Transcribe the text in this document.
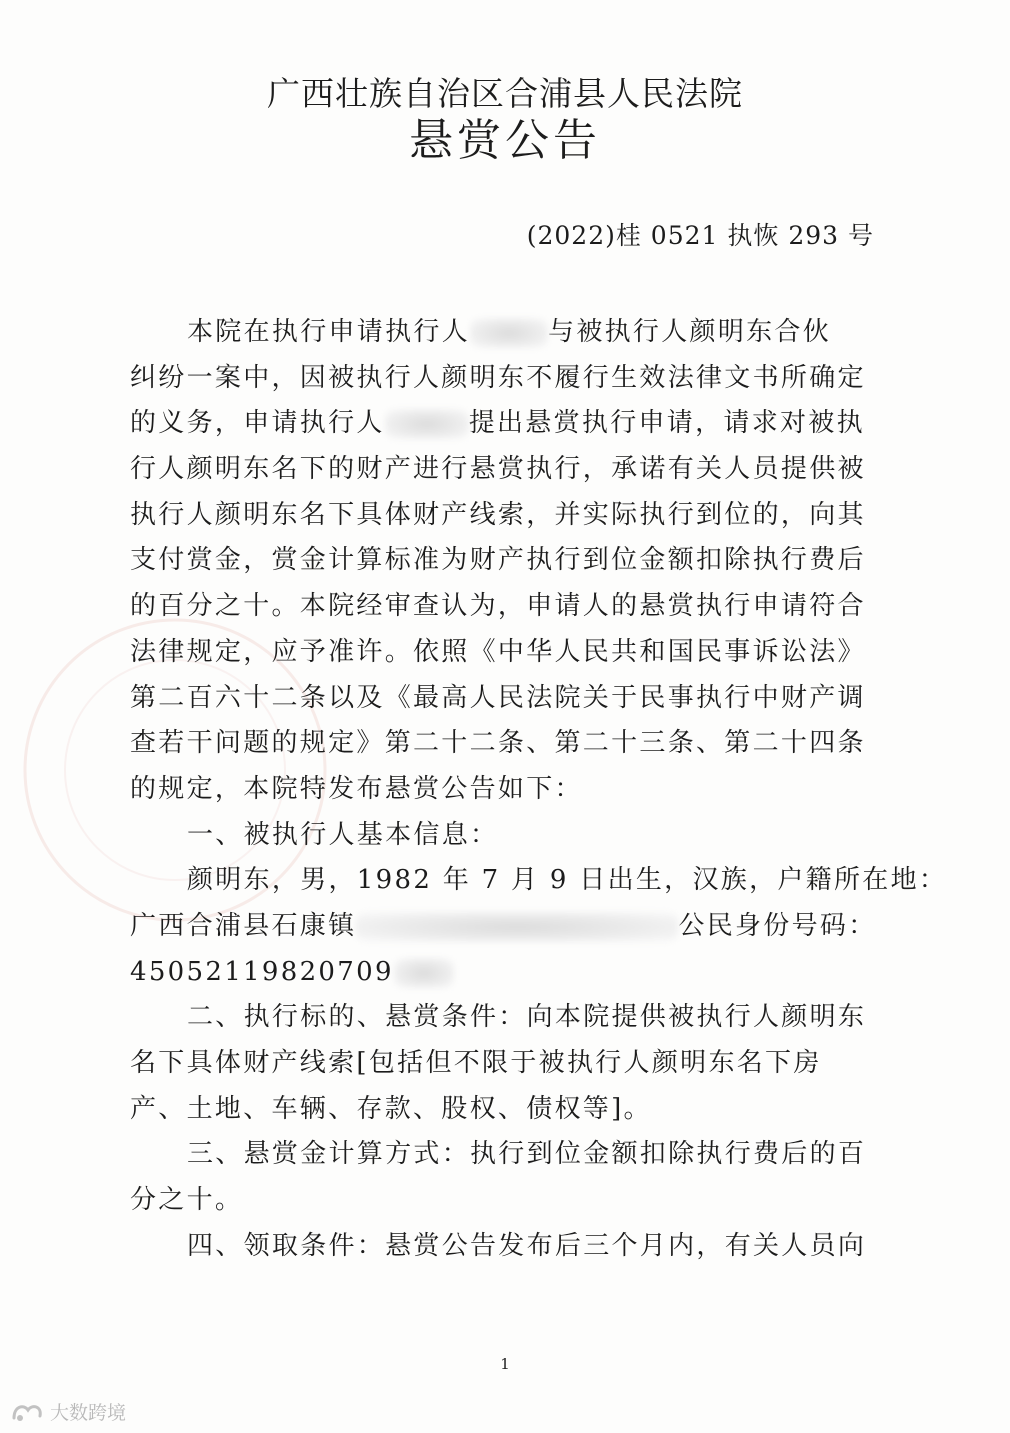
广西壮族自治区合浦县人民法院
悬赏公告
(2022)桂 0521 执恢 293 号
本院在执行申请执行人	与被执行人颜明东合伙
纠纷一案中，因被执行人颜明东不履行生效法律文书所确定
的义务，申请执行人	提出悬赏执行申请，请求对被执
行人颜明东名下的财产进行悬赏执行，承诺有关人员提供被
执行人颜明东名下具体财产线索，并实际执行到位的，向其
支付赏金，赏金计算标准为财产执行到位金额扣除执行费后
的百分之十。本院经审查认为，申请人的悬赏执行申请符合
法律规定，应予准许。依照《中华人民共和国民事诉讼法》
第二百六十二条以及《最高人民法院关于民事执行中财产调
查若干问题的规定》第二十二条、第二十三条、第二十四条
的规定，本院特发布悬赏公告如下：
一、被执行人基本信息：
颜明东，男，1982 年 7 月 9 日出生，汉族，户籍所在地：
广西合浦县石康镇	公民身份号码：
45052119820709
二、执行标的、悬赏条件：向本院提供被执行人颜明东
名下具体财产线索[包括但不限于被执行人颜明东名下房
产、土地、车辆、存款、股权、债权等]。
三、悬赏金计算方式：执行到位金额扣除执行费后的百
分之十。
四、领取条件：悬赏公告发布后三个月内，有关人员向
1
大数跨境
